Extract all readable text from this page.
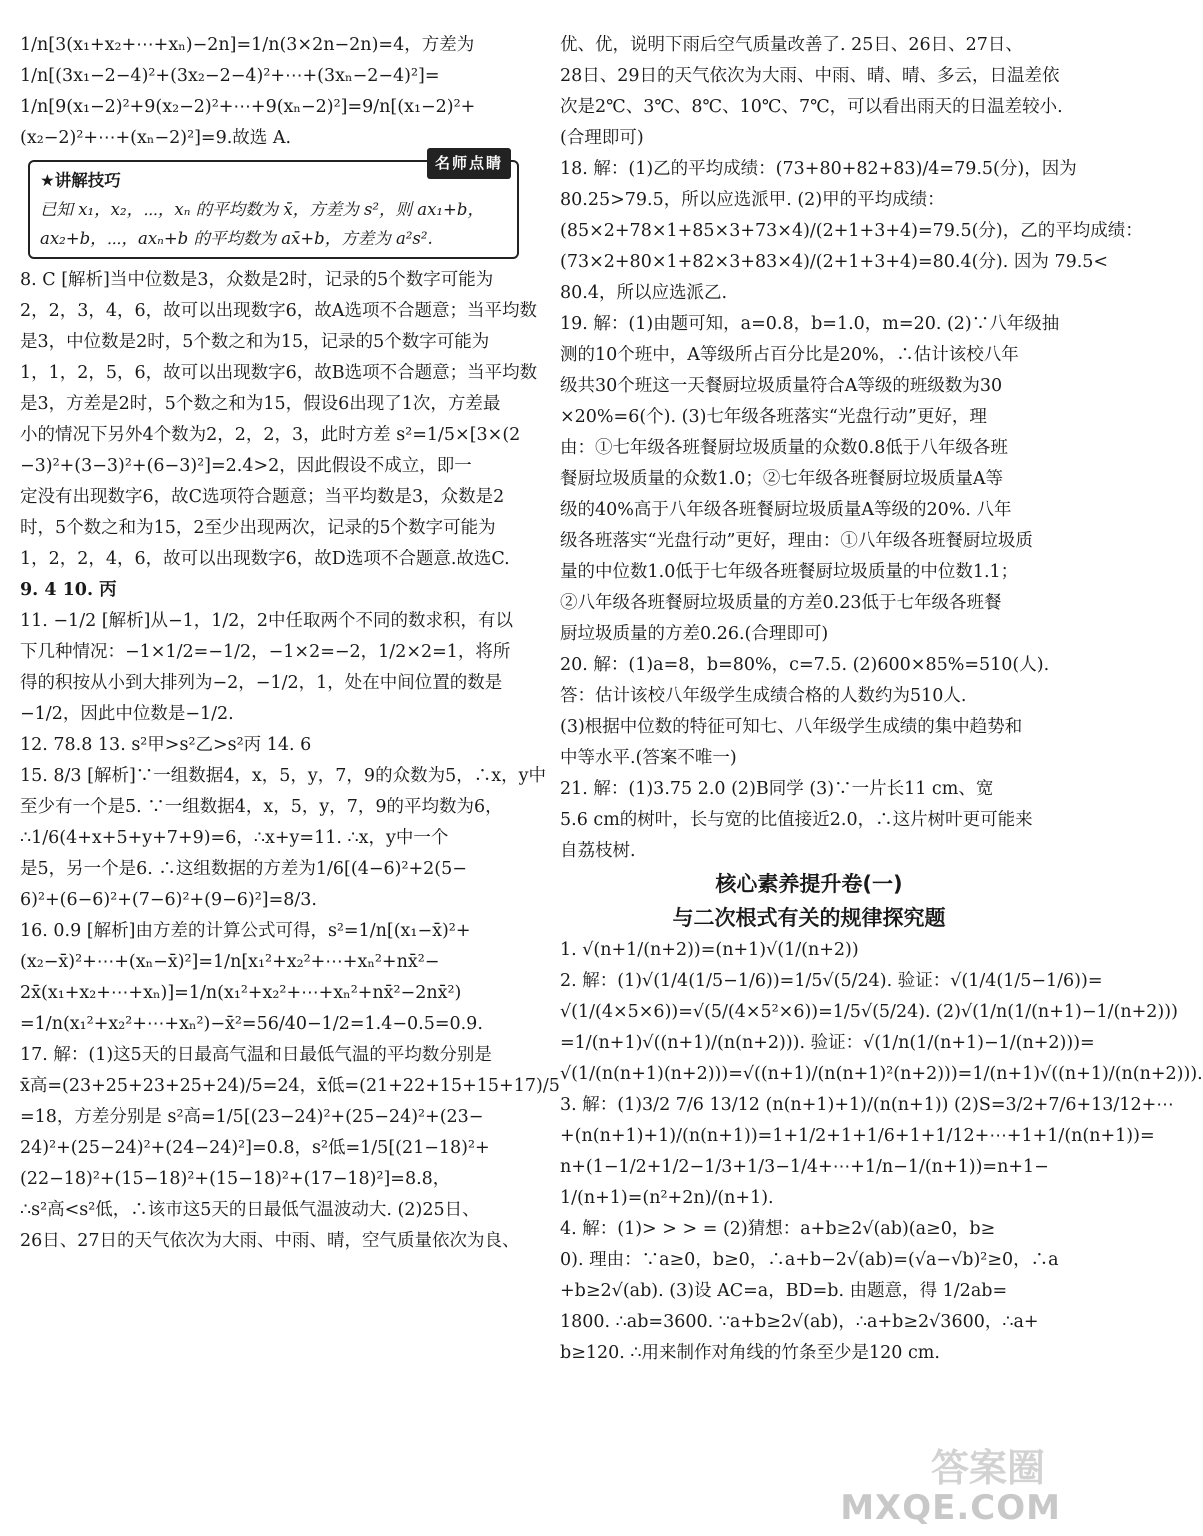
1/n[3(x₁+x₂+⋯+xₙ)−2n]=1/n(3×2n−2n)=4，方差为
1/n[(3x₁−2−4)²+(3x₂−2−4)²+⋯+(3xₙ−2−4)²]=
1/n[9(x₁−2)²+9(x₂−2)²+⋯+9(xₙ−2)²]=9/n[(x₁−2)²+
(x₂−2)²+⋯+(xₙ−2)²]=9.故选 A.
名师点睛
★讲解技巧
已知 x₁，x₂，⋯，xₙ 的平均数为 x̄，方差为 s²，则 ax₁+b，
ax₂+b，⋯，axₙ+b 的平均数为 ax̄+b，方差为 a²s².
8. C [解析]当中位数是3，众数是2时，记录的5个数字可能为
2，2，3，4，6，故可以出现数字6，故A选项不合题意；当平均数
是3，中位数是2时，5个数之和为15，记录的5个数字可能为
1，1，2，5，6，故可以出现数字6，故B选项不合题意；当平均数
是3，方差是2时，5个数之和为15，假设6出现了1次，方差最
小的情况下另外4个数为2，2，2，3，此时方差 s²=1/5×[3×(2
−3)²+(3−3)²+(6−3)²]=2.4>2，因此假设不成立，即一
定没有出现数字6，故C选项符合题意；当平均数是3，众数是2
时，5个数之和为15，2至少出现两次，记录的5个数字可能为
1，2，2，4，6，故可以出现数字6，故D选项不合题意.故选C.
9. 4 10. 丙
11. −1/2 [解析]从−1，1/2，2中任取两个不同的数求积，有以
下几种情况：−1×1/2=−1/2，−1×2=−2，1/2×2=1，将所
得的积按从小到大排列为−2，−1/2，1，处在中间位置的数是
−1/2，因此中位数是−1/2.
12. 78.8 13. s²甲>s²乙>s²丙 14. 6
15. 8/3 [解析]∵一组数据4，x，5，y，7，9的众数为5，∴x，y中
至少有一个是5. ∵一组数据4，x，5，y，7，9的平均数为6，
∴1/6(4+x+5+y+7+9)=6，∴x+y=11. ∴x，y中一个
是5，另一个是6. ∴这组数据的方差为1/6[(4−6)²+2(5−
6)²+(6−6)²+(7−6)²+(9−6)²]=8/3.
16. 0.9 [解析]由方差的计算公式可得，s²=1/n[(x₁−x̄)²+
(x₂−x̄)²+⋯+(xₙ−x̄)²]=1/n[x₁²+x₂²+⋯+xₙ²+nx̄²−
2x̄(x₁+x₂+⋯+xₙ)]=1/n(x₁²+x₂²+⋯+xₙ²+nx̄²−2nx̄²)
=1/n(x₁²+x₂²+⋯+xₙ²)−x̄²=56/40−1/2=1.4−0.5=0.9.
17. 解：(1)这5天的日最高气温和日最低气温的平均数分别是
x̄高=(23+25+23+25+24)/5=24，x̄低=(21+22+15+15+17)/5
=18，方差分别是 s²高=1/5[(23−24)²+(25−24)²+(23−
24)²+(25−24)²+(24−24)²]=0.8，s²低=1/5[(21−18)²+
(22−18)²+(15−18)²+(15−18)²+(17−18)²]=8.8，
∴s²高<s²低，∴该市这5天的日最低气温波动大. (2)25日、
26日、27日的天气依次为大雨、中雨、晴，空气质量依次为良、
优、优，说明下雨后空气质量改善了. 25日、26日、27日、
28日、29日的天气依次为大雨、中雨、晴、晴、多云，日温差依
次是2℃、3℃、8℃、10℃、7℃，可以看出雨天的日温差较小.
(合理即可)
18. 解：(1)乙的平均成绩：(73+80+82+83)/4=79.5(分)，因为
80.25>79.5，所以应选派甲. (2)甲的平均成绩：
(85×2+78×1+85×3+73×4)/(2+1+3+4)=79.5(分)，乙的平均成绩：
(73×2+80×1+82×3+83×4)/(2+1+3+4)=80.4(分). 因为 79.5<
80.4，所以应选派乙.
19. 解：(1)由题可知，a=0.8，b=1.0，m=20. (2)∵八年级抽
测的10个班中，A等级所占百分比是20%，∴估计该校八年
级共30个班这一天餐厨垃圾质量符合A等级的班级数为30
×20%=6(个). (3)七年级各班落实“光盘行动”更好，理
由：①七年级各班餐厨垃圾质量的众数0.8低于八年级各班
餐厨垃圾质量的众数1.0；②七年级各班餐厨垃圾质量A等
级的40%高于八年级各班餐厨垃圾质量A等级的20%. 八年
级各班落实“光盘行动”更好，理由：①八年级各班餐厨垃圾质
量的中位数1.0低于七年级各班餐厨垃圾质量的中位数1.1；
②八年级各班餐厨垃圾质量的方差0.23低于七年级各班餐
厨垃圾质量的方差0.26.(合理即可)
20. 解：(1)a=8，b=80%，c=7.5. (2)600×85%=510(人).
答：估计该校八年级学生成绩合格的人数约为510人.
(3)根据中位数的特征可知七、八年级学生成绩的集中趋势和
中等水平.(答案不唯一)
21. 解：(1)3.75 2.0 (2)B同学 (3)∵一片长11 cm、宽
5.6 cm的树叶，长与宽的比值接近2.0，∴这片树叶更可能来
自荔枝树.
核心素养提升卷(一)
与二次根式有关的规律探究题
1. √(n+1/(n+2))=(n+1)√(1/(n+2))
2. 解：(1)√(1/4(1/5−1/6))=1/5√(5/24). 验证：√(1/4(1/5−1/6))=
√(1/(4×5×6))=√(5/(4×5²×6))=1/5√(5/24). (2)√(1/n(1/(n+1)−1/(n+2)))
=1/(n+1)√((n+1)/(n(n+2))). 验证：√(1/n(1/(n+1)−1/(n+2)))=
√(1/(n(n+1)(n+2)))=√((n+1)/(n(n+1)²(n+2)))=1/(n+1)√((n+1)/(n(n+2))).
3. 解：(1)3/2 7/6 13/12 (n(n+1)+1)/(n(n+1)) (2)S=3/2+7/6+13/12+⋯
+(n(n+1)+1)/(n(n+1))=1+1/2+1+1/6+1+1/12+⋯+1+1/(n(n+1))=
n+(1−1/2+1/2−1/3+1/3−1/4+⋯+1/n−1/(n+1))=n+1−
1/(n+1)=(n²+2n)/(n+1).
4. 解：(1)> > > = (2)猜想：a+b≥2√(ab)(a≥0，b≥
0). 理由：∵a≥0，b≥0，∴a+b−2√(ab)=(√a−√b)²≥0，∴a
+b≥2√(ab). (3)设 AC=a，BD=b. 由题意，得 1/2ab=
1800. ∴ab=3600. ∵a+b≥2√(ab)，∴a+b≥2√3600，∴a+
b≥120. ∴用来制作对角线的竹条至少是120 cm.
答案圈
MXQE.COM
